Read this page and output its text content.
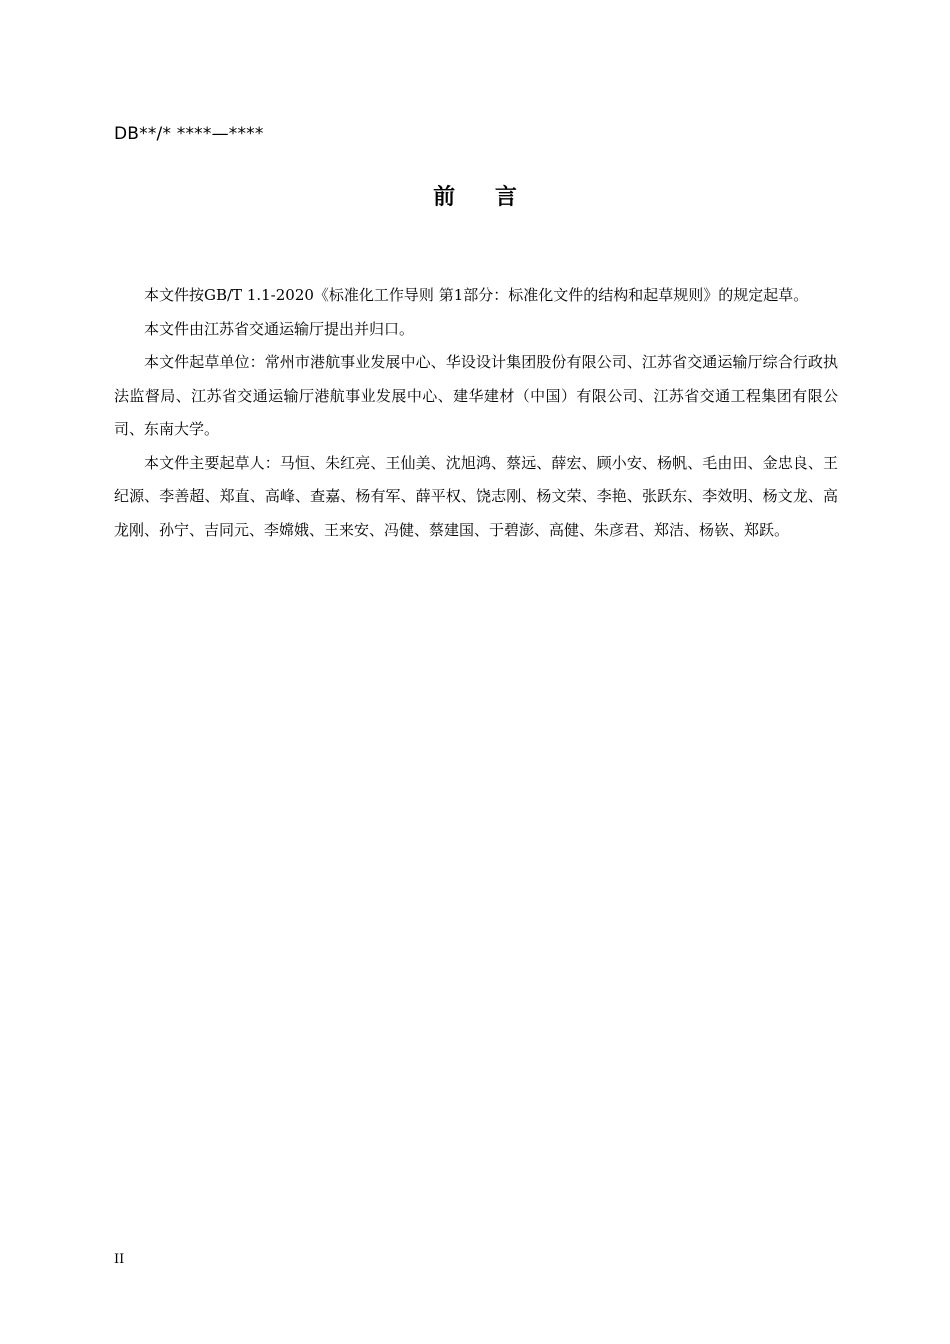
DB**/* ****—****
前 言

本文件按GB/T 1.1-2020《标准化工作导则 第1部分：标准化文件的结构和起草规则》的规定起草。

本文件由江苏省交通运输厅提出并归口。

本文件起草单位：常州市港航事业发展中心、华设设计集团股份有限公司、江苏省交通运输厅综合行政执法监督局、江苏省交通运输厅港航事业发展中心、建华建材（中国）有限公司、江苏省交通工程集团有限公司、东南大学。

本文件主要起草人：马恒、朱红亮、王仙美、沈旭鸿、蔡远、薛宏、顾小安、杨帆、毛由田、金忠良、王纪源、李善超、郑直、高峰、查嘉、杨有军、薛平权、饶志刚、杨文荣、李艳、张跃东、李效明、杨文龙、高龙刚、孙宁、吉同元、李嫦娥、王来安、冯健、蔡建国、于碧澎、高健、朱彦君、郑洁、杨嵚、郑跃。

II
